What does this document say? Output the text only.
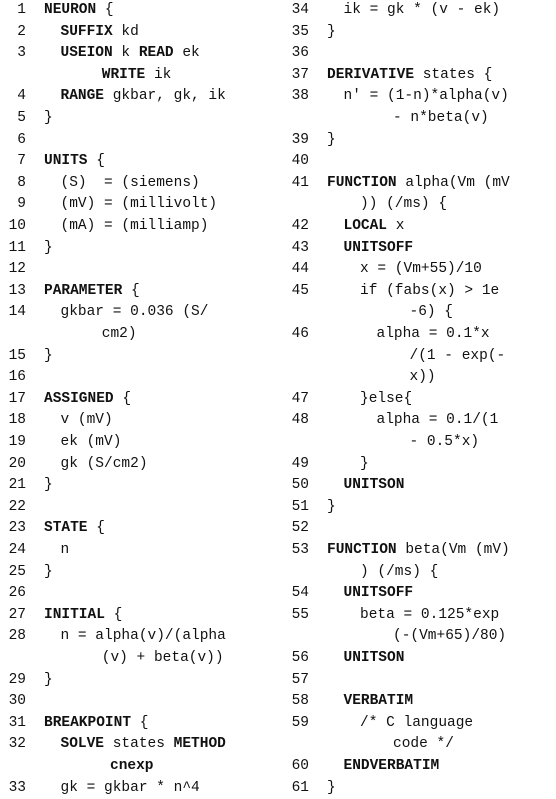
1 NEURON {
2 SUFFIX kd
3 USEION k READ ek
WRITE ik
4 RANGE gkbar, gk, ik
5 }
6
7 UNITS {
8 (S)  = (siemens)
9 (mV) = (millivolt)
10 (mA) = (milliamp)
11 }
12
13 PARAMETER {
14 gkbar = 0.036 (S/
cm2)
15 }
16
17 ASSIGNED {
18 v (mV)
19 ek (mV)
20 gk (S/cm2)
21 }
22
23 STATE {
24 n
25 }
26
27 INITIAL {
28 n = alpha(v)/(alpha
(v) + beta(v))
29 }
30
31 BREAKPOINT {
32 SOLVE states METHOD
cnexp
33 gk = gkbar * n^4
34 ik = gk * (v - ek)
35 }
36
37 DERIVATIVE states {
38 n' = (1-n)*alpha(v)
- n*beta(v)
39 }
40
41 FUNCTION alpha(Vm (mV
)) (/ms) {
42 LOCAL x
43 UNITSOFF
44	x = (Vm+55)/10
45	if (fabs(x) > 1e
-6) {
46	alpha = 0.1*x
/(1 - exp(-
x))
47	}else{
48	alpha = 0.1/(1
- 0.5*x)
49	}
50 UNITSON
51 }
52
53 FUNCTION beta(Vm (mV)
) (/ms) {
54 UNITSOFF
55	beta = 0.125*exp
(-(Vm+65)/80)
56 UNITSON
57
58 VERBATIM
59	/* C language
code */
60 ENDVERBATIM
61 }
